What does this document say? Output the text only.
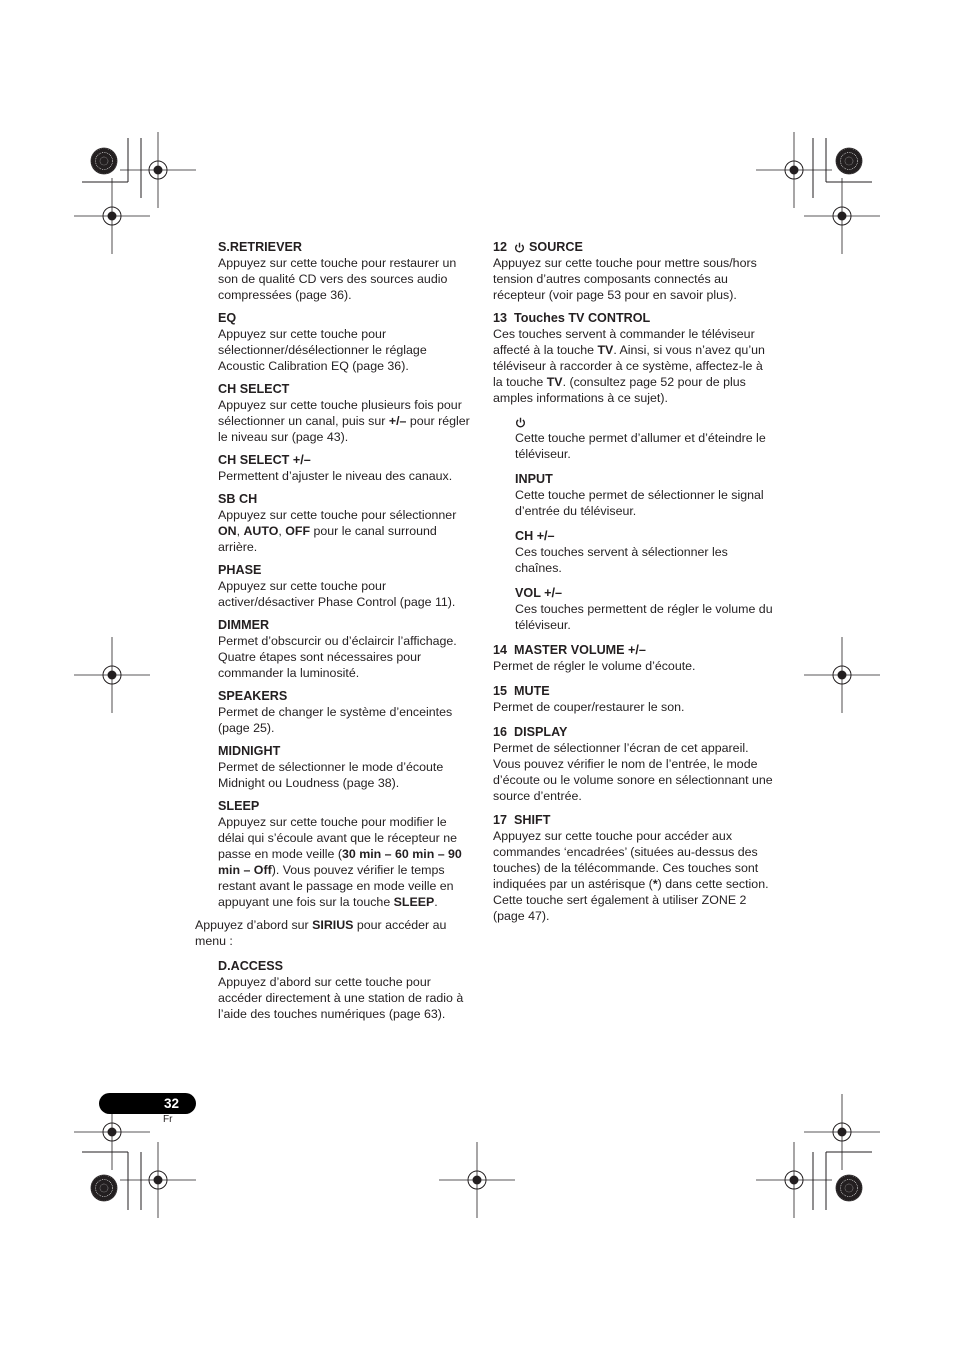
S.RETRIEVER

Appuyez sur cette touche pour restaurer un son de qualité CD vers des sources audio compressées (page 36).

EQ

Appuyez sur cette touche pour sélectionner/désélectionner le réglage Acoustic Calibration EQ (page 36).

CH SELECT

Appuyez sur cette touche plusieurs fois pour sélectionner un canal, puis sur +/– pour régler le niveau sur (page 43).

CH SELECT +/–

Permettent d’ajuster le niveau des canaux.

SB CH

Appuyez sur cette touche pour sélectionner ON, AUTO, OFF pour le canal surround arrière.

PHASE

Appuyez sur cette touche pour activer/désactiver Phase Control (page 11).

DIMMER

Permet d’obscurcir ou d’éclaircir l’affichage. Quatre étapes sont nécessaires pour commander la luminosité.

SPEAKERS

Permet de changer le système d’enceintes (page 25).

MIDNIGHT

Permet de sélectionner le mode d’écoute Midnight ou Loudness (page 38).

SLEEP

Appuyez sur cette touche pour modifier le délai qui s’écoule avant que le récepteur ne passe en mode veille (30 min – 60 min – 90 min – Off). Vous pouvez vérifier le temps restant avant le passage en mode veille en appuyant une fois sur la touche SLEEP.

Appuyez d’abord sur SIRIUS pour accéder au menu :

D.ACCESS

Appuyez d’abord sur cette touche pour accéder directement à une station de radio à l’aide des touches numériques (page 63).

12 SOURCE

Appuyez sur cette touche pour mettre sous/hors tension d’autres composants connectés au récepteur (voir page 53 pour en savoir plus).

13 Touches TV CONTROL

Ces touches servent à commander le téléviseur affecté à la touche TV. Ainsi, si vous n’avez qu’un téléviseur à raccorder à ce système, affectez-le à la touche TV. (consultez page 52 pour de plus amples informations à ce sujet).

Cette touche permet d’allumer et d’éteindre le téléviseur.

INPUT

Cette touche permet de sélectionner le signal d’entrée du téléviseur.

CH +/–

Ces touches servent à sélectionner les chaînes.

VOL +/–

Ces touches permettent de régler le volume du téléviseur.

14 MASTER VOLUME +/–

Permet de régler le volume d’écoute.

15 MUTE

Permet de couper/restaurer le son.

16 DISPLAY

Permet de sélectionner l’écran de cet appareil. Vous pouvez vérifier le nom de l’entrée, le mode d’écoute ou le volume sonore en sélectionnant une source d’entrée.

17 SHIFT

Appuyez sur cette touche pour accéder aux commandes ‘encadrées’ (situées au-dessus des touches) de la télécommande. Ces touches sont indiquées par un astérisque (*) dans cette section.

Cette touche sert également à utiliser ZONE 2 (page 47).

32
Fr
